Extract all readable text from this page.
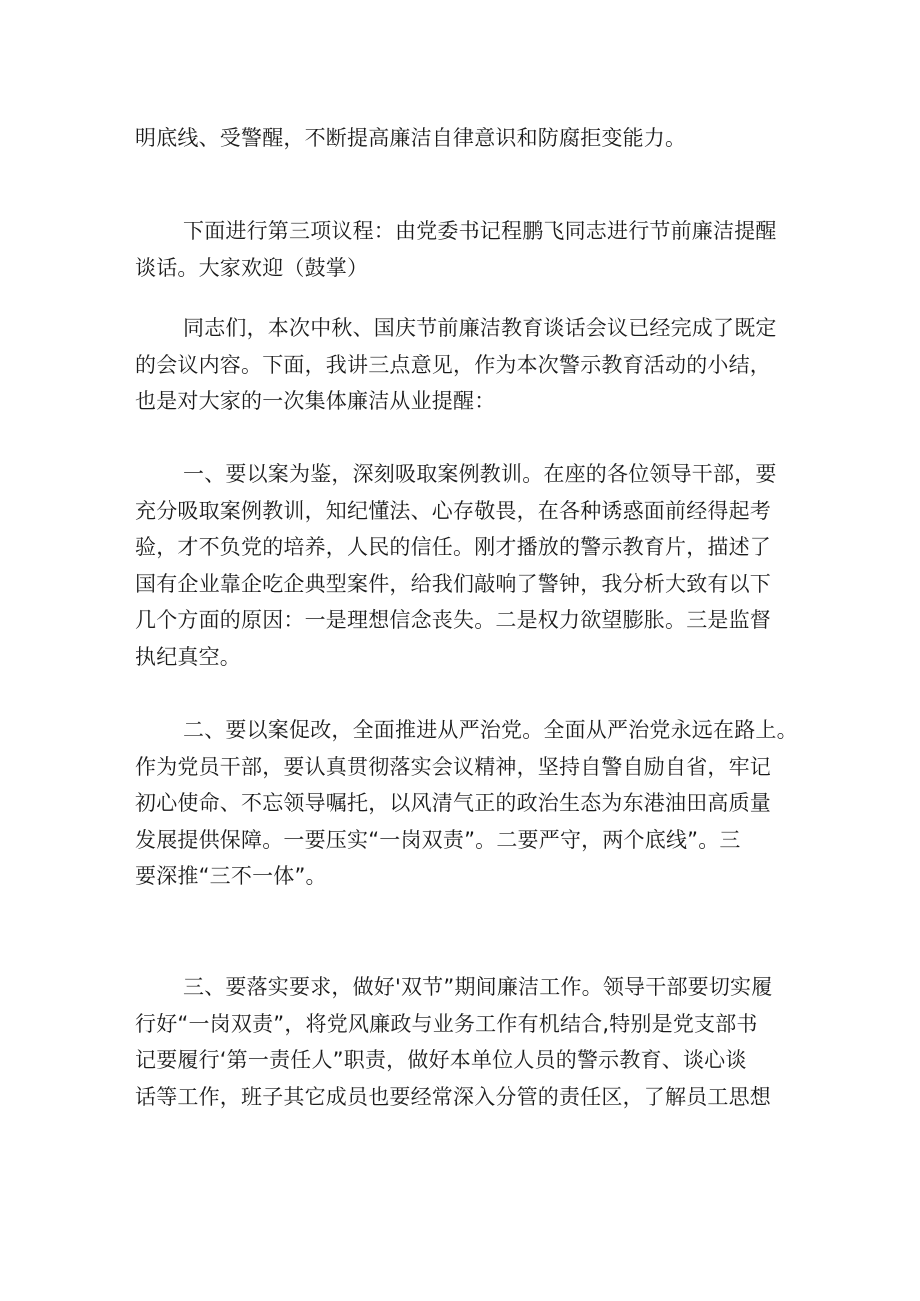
明底线、受警醒，不断提高廉洁自律意识和防腐拒变能力。
下面进行第三项议程：由党委书记程鹏飞同志进行节前廉洁提醒
谈话。大家欢迎（鼓掌）
同志们，本次中秋、国庆节前廉洁教育谈话会议已经完成了既定
的会议内容。下面，我讲三点意见，作为本次警示教育活动的小结，
也是对大家的一次集体廉洁从业提醒：
一、要以案为鉴，深刻吸取案例教训。在座的各位领导干部，要
充分吸取案例教训，知纪懂法、心存敬畏，在各种诱惑面前经得起考
验，才不负党的培养，人民的信任。刚才播放的警示教育片，描述了
国有企业靠企吃企典型案件，给我们敲响了警钟，我分析大致有以下
几个方面的原因：一是理想信念丧失。二是权力欲望膨胀。三是监督
执纪真空。
二、要以案促改，全面推进从严治党。全面从严治党永远在路上。
作为党员干部，要认真贯彻落实会议精神，坚持自警自励自省，牢记
初心使命、不忘领导嘱托，以风清气正的政治生态为东港油田高质量
发展提供保障。一要压实“一岗双责”。二要严守，两个底线”。三
要深推“三不一体”。
三、要落实要求，做好'双节”期间廉洁工作。领导干部要切实履
行好“一岗双责”，将党风廉政与业务工作有机结合,特别是党支部书
记要履行‘第一责任人”职责，做好本单位人员的警示教育、谈心谈
话等工作，班子其它成员也要经常深入分管的责任区，了解员工思想
